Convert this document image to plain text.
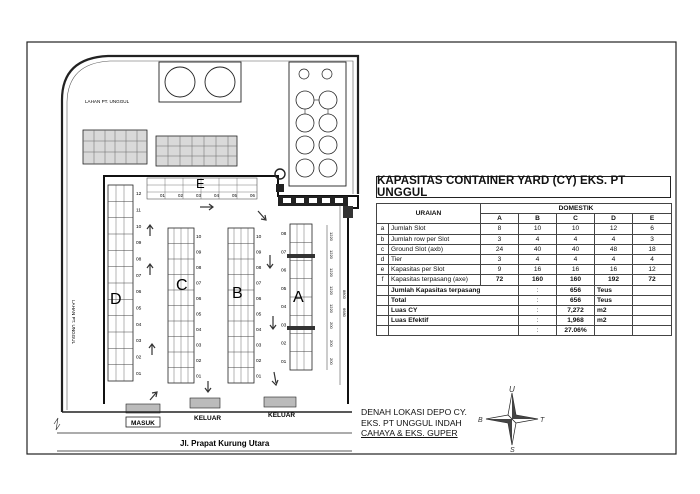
LAHAN PT. UNGGUL
LAHAN PT. UNGGUL
1220
1220
1220
1220
1220
200
200
200
8800
6680
01
02
03
04
05
06
07
08
09
10
11
12
01
02
03
04
05
06
07
08
09
10
01
02
03
04
05
06
07
08
09
10
01
02
03
04
05
06
07
08
01	02	03	04	05	06
A
B
C
D
E
MASUK
KELUAR	KELUAR
Jl. Prapat Kurung Utara
U
T
S
B
KAPASITAS CONTAINER YARD (CY) EKS. PT UNGGUL
URAIAN		DOMESTIK				
		A	B	C	D	E
a	Jumlah Slot	8	10	10	12	6
b	Jumlah row per Slot	3	4	4	4	3
c	Ground Slot (axb)	24	40	40	48	18
d	Tier	3	4	4	4	4
e	Kapasitas per Slot	9	16	16	16	12
f	Kapasitas terpasang (axe)	72	160	160	192	72
	Jumlah Kapasitas terpasang		:	656	Teus	
	Total		:	656	Teus	
	Luas CY		:	7,272	m2	
	Luas Efektif		:	1,968	m2	
			:	27.06%		
DENAH LOKASI DEPO CY.
EKS. PT UNGGUL INDAH
CAHAYA & EKS. GUPER
